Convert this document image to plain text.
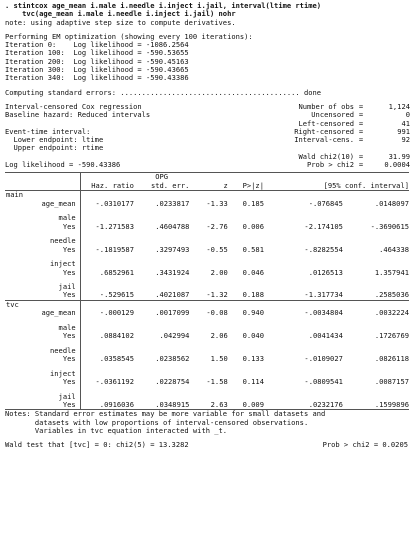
. stintcox age_mean i.male i.needle i.inject i.jail, interval(ltime rtime)
tvc(age_mean i.male i.needle i.inject i.jail) nohr
note: using adaptive step size to compute derivatives.
Performing EM optimization (showing every 100 iterations):
Iteration 0:    Log likelihood = -1086.2564
Iteration 100: Log likelihood = -590.53655
Iteration 200: Log likelihood = -590.45163
Iteration 300: Log likelihood = -590.43665
Iteration 340: Log likelihood = -590.43386
Computing standard errors: .......................................... done
Interval-censored Cox regression
Baseline hazard: Reduced intervals
Event-time interval:
Lower endpoint: ltime
Upper endpoint: rtime
Log likelihood = -590.43386
Number of obs =	1,124
Uncensored =	0
Left-censored =	41
Right-censored =	991
Interval-cens. =	92
Wald chi2(10) =	31.99
Prob > chi2 =	0.0004
		OPG				
	Haz. ratio	std. err.	z	P>|z|	[95% conf. interval]	
main						
age_mean	-.0310177	.0233817	-1.33	0.185	-.076845	.0148097

male						
Yes	-1.271583	.4604788	-2.76	0.006	-2.174105	-.3690615

needle						
Yes	-.1819587	.3297493	-0.55	0.581	-.8282554	.464338

inject						
Yes	.6852961	.3431924	2.00	0.046	.0126513	1.357941

jail						
Yes	-.529615	.4021087	-1.32	0.188	-1.317734	.2585036
tvc						
age_mean	-.000129	.0017099	-0.08	0.940	-.0034804	.0032224

male						
Yes	.0884102	.042994	2.06	0.040	.0041434	.1726769

needle						
Yes	.0358545	.0238562	1.50	0.133	-.0109027	.0826118

inject						
Yes	-.0361192	.0228754	-1.58	0.114	-.0809541	.0087157

jail						
Yes	.0916036	.0348915	2.63	0.009	.0232176	.1599896
Notes: Standard error estimates may be more variable for small datasets and
datasets with low proportions of interval-censored observations.
Variables in tvc equation interacted with _t.
Wald test that [tvc] = 0: chi2(5) = 13.3282	Prob > chi2 = 0.0205
